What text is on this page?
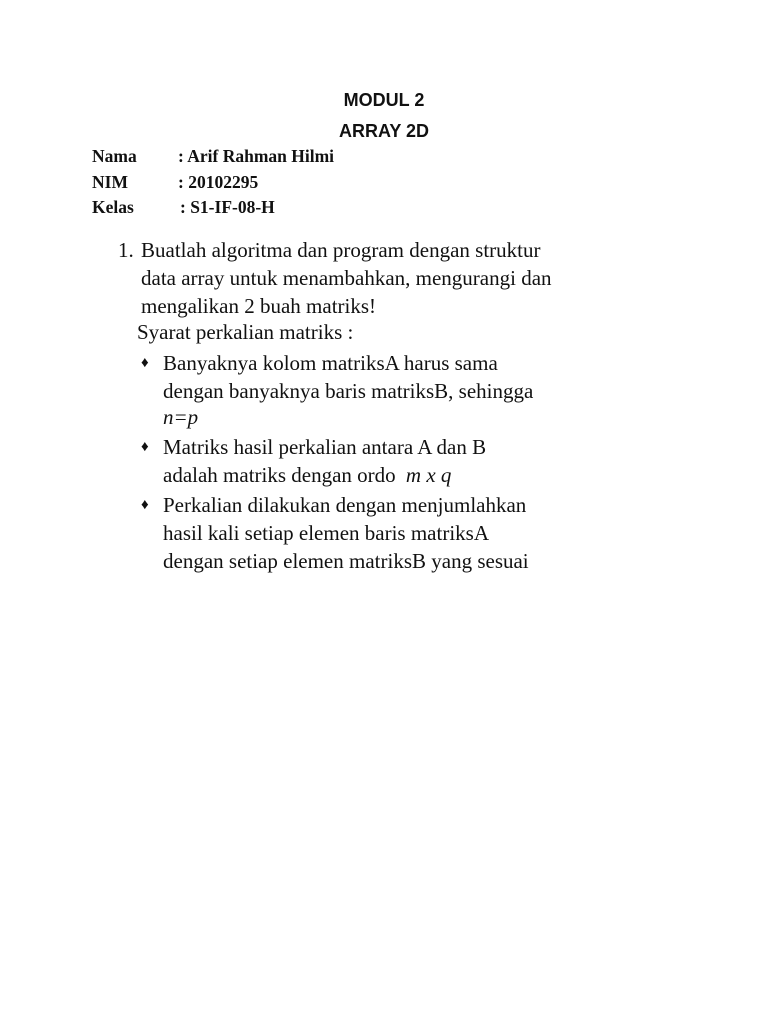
MODUL 2
ARRAY 2D
Nama : Arif Rahman Hilmi
NIM	: 20102295
Kelas	: S1-IF-08-H
1. Buatlah algoritma dan program dengan struktur
data array untuk menambahkan, mengurangi dan
mengalikan 2 buah matriks!
Syarat perkalian matriks :
♦ Banyaknya kolom matriksA harus sama
dengan banyaknya baris matriksB, sehingga
n=p
♦ Matriks hasil perkalian antara A dan B
adalah matriks dengan ordo m x q
♦ Perkalian dilakukan dengan menjumlahkan
hasil kali setiap elemen baris matriksA
dengan setiap elemen matriksB yang sesuai
